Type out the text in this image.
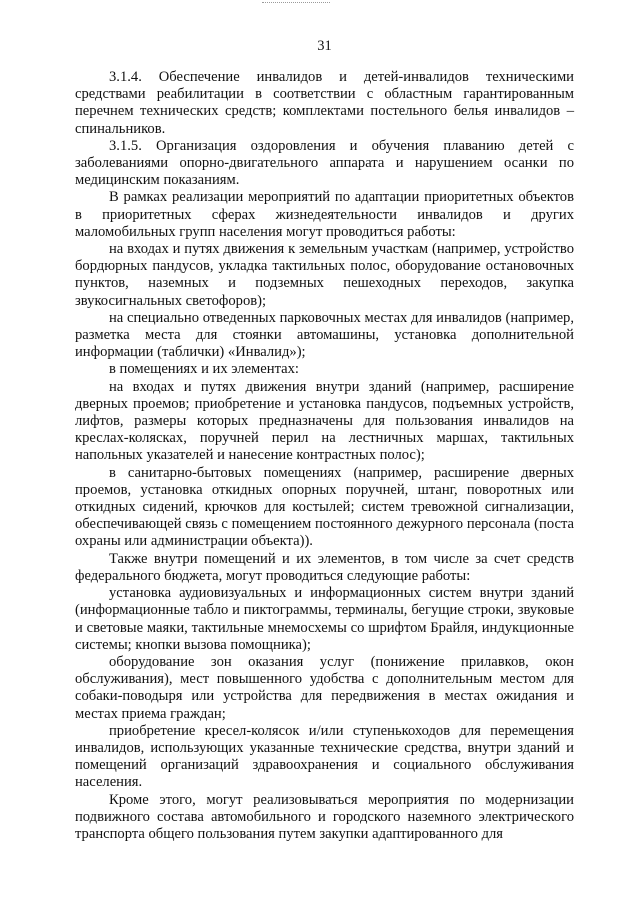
31

3.1.4. Обеспечение инвалидов и детей-инвалидов техническими средствами реабилитации в соответствии с областным гарантированным перечнем технических средств; комплектами постельного белья инвалидов – спинальников.

3.1.5. Организация оздоровления и обучения плаванию детей с заболеваниями опорно-двигательного аппарата и нарушением осанки по медицинским показаниям.

В рамках реализации мероприятий по адаптации приоритетных объектов в приоритетных сферах жизнедеятельности инвалидов и других маломобильных групп населения могут проводиться работы:

на входах и путях движения к земельным участкам (например, устройство бордюрных пандусов, укладка тактильных полос, оборудование остановочных пунктов, наземных и подземных пешеходных переходов, закупка звукосигнальных светофоров);

на специально отведенных парковочных местах для инвалидов (например, разметка места для стоянки автомашины, установка дополнительной информации (таблички) «Инвалид»);

в помещениях и их элементах:

на входах и путях движения внутри зданий (например, расширение дверных проемов; приобретение и установка пандусов, подъемных устройств, лифтов, размеры которых предназначены для пользования инвалидов на креслах-колясках, поручней перил на лестничных маршах, тактильных напольных указателей и нанесение контрастных полос);

в санитарно-бытовых помещениях (например, расширение дверных проемов, установка откидных опорных поручней, штанг, поворотных или откидных сидений, крючков для костылей; систем тревожной сигнализации, обеспечивающей связь с помещением постоянного дежурного персонала (поста охраны или администрации объекта)).

Также внутри помещений и их элементов, в том числе за счет средств федерального бюджета, могут проводиться следующие работы:

установка аудиовизуальных и информационных систем внутри зданий (информационные табло и пиктограммы, терминалы, бегущие строки, звуковые и световые маяки, тактильные мнемосхемы со шрифтом Брайля, индукционные системы; кнопки вызова помощника);

оборудование зон оказания услуг (понижение прилавков, окон обслуживания), мест повышенного удобства с дополнительным местом для собаки-поводыря или устройства для передвижения в местах ожидания и местах приема граждан;

приобретение кресел-колясок и/или ступенькоходов для перемещения инвалидов, использующих указанные технические средства, внутри зданий и помещений организаций здравоохранения и социального обслуживания населения.

Кроме этого, могут реализовываться мероприятия по модернизации подвижного состава автомобильного и городского наземного электрического транспорта общего пользования путем закупки адаптированного для
